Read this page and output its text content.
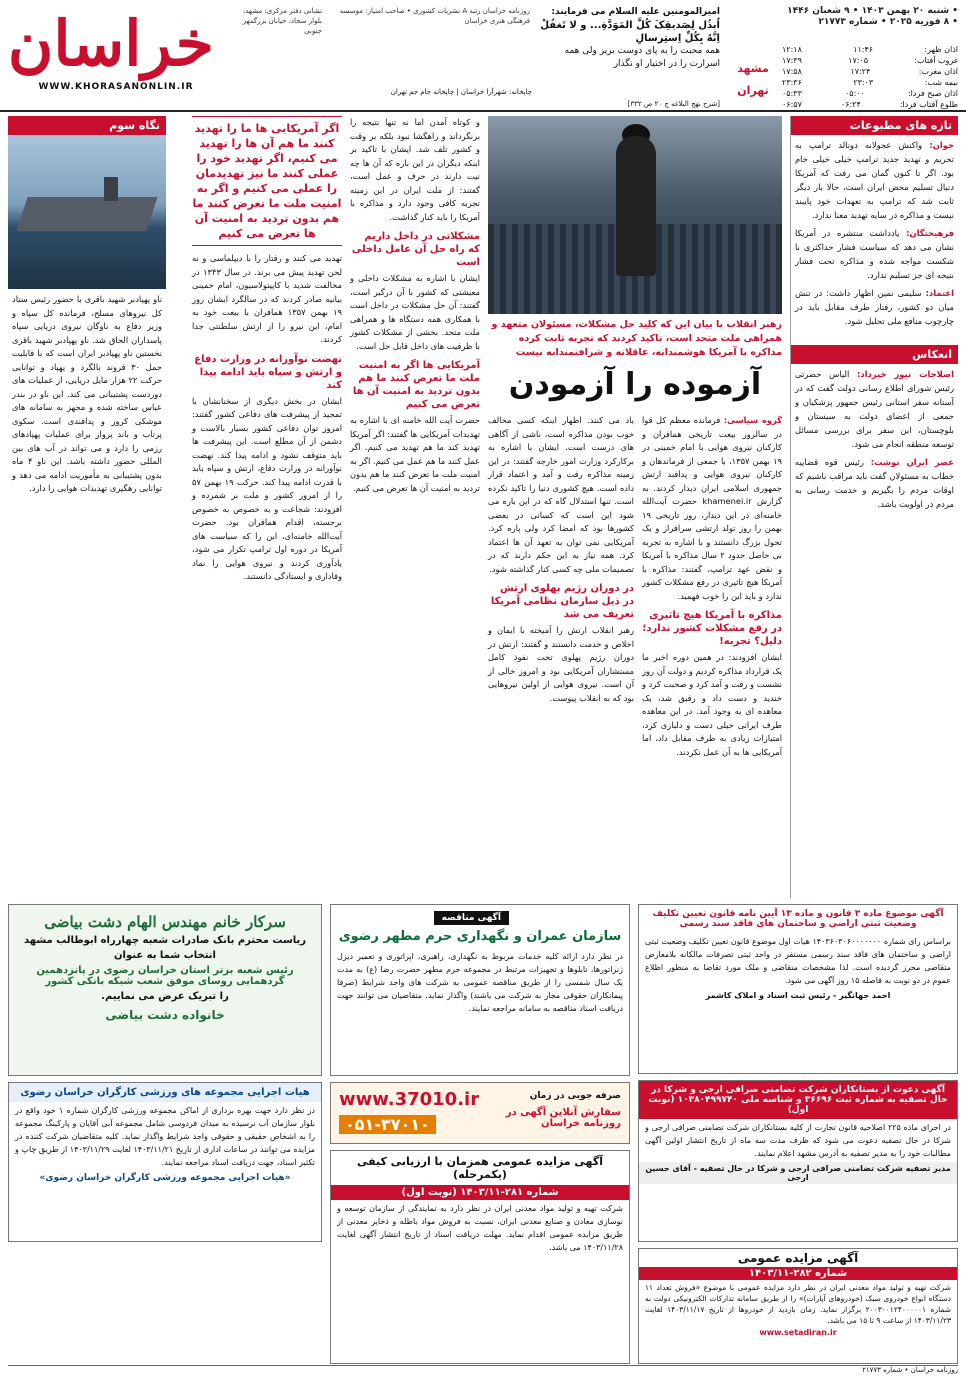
خراسان
WWW.KHORASANONLIN.IR
نشانی دفتر مرکزی: مشهد، بلوار سجاد، خیابان بزرگمهر جنوبی
روزنامه خراسان رتبه A نشریات کشوری • صاحب امتیاز: موسسه فرهنگی هنری خراسان
[شرح نهج البلاغه ج ۲۰ ص ۳۳۲]
چاپخانه: شهرآرا خراسان | چاپخانه جام جم تهران
امیرالمومنین علیه السلام می فرمایند:
اُبذُل لِصَدیقِکَ کُلَّ المَوَدَّةِ... و لا تَغفُلْ اِنَّهُ بِکُلِّ اِستِرسالِ
همه محبت را به پای دوست بریز ولی همه اسرارت را در اختیار او نگذار
• شنبه ۲۰ بهمن ۱۴۰۳ • ۹ شعبان ۱۴۴۶
• ۸ فوریه ۲۰۲۵ • شماره ۲۱۷۷۳
اذان ظهر:
۱۱:۴۶
۱۲:۱۸
غروب آفتاب:
۱۷:۰۵
۱۷:۳۹
اذان مغرب:
۱۷:۲۴
۱۷:۵۸
نیمه شب:
۲۳:۰۳
۲۳:۳۶
اذان صبح فردا:
۰۵:۰۰
۰۵:۳۳
طلوع آفتاب فردا:
۰۶:۲۴
۰۶:۵۷
مشهد
تهران
تازه های مطبوعات

جوان: واکنش عجولانه دونالد ترامپ به تحریم و تهدید جدید ترامپ خیلی خیلی خام بود. اگر تا کنون گمان می رفت که آمریکا دنبال تسلیم محض ایران است، حالا بار دیگر ثابت شد که ترامپ به تعهدات خود پایبند نیست و مذاکره در سایه تهدید معنا ندارد.

فرهیختگان: یادداشت منتشره در آمریکا نشان می دهد که سیاست فشار حداکثری با شکست مواجه شده و مذاکره تحت فشار نتیجه ای جز تسلیم ندارد.

اعتماد: سلیمی نمین اظهار داشت: در تنش میان دو کشور، رفتار طرف مقابل باید در چارچوب منافع ملی تحلیل شود.

انعکاس

اصلاحات نیوز خبرداد: الیاس حضرتی رئیس شورای اطلاع رسانی دولت گفت که در آستانه سفر استانی رئیس جمهور پزشکیان و جمعی از اعضای دولت به سیستان و بلوچستان، این سفر برای بررسی مسائل توسعه منطقه انجام می شود.

عصر ایران نوشت: رئیس قوه قضاییه خطاب به مسئولان گفت باید مراقب باشیم که اوقات مردم را بگیریم و خدمت رسانی به مردم در اولویت باشد.

رهبر انقلاب با بیان این که کلید حل مشکلات، مسئولان متعهد و همراهی ملت متحد است، تاکید کردند که تجربه ثابت کرده مذاکره با آمریکا هوشمندانه، عاقلانه و شرافتمندانه نیست
آزموده را آزمودن
گروه سیاسی: فرمانده معظم کل قوا در سالروز بیعت تاریخی همافران و کارکنان نیروی هوایی با امام خمینی در ۱۹ بهمن ۱۳۵۷، با جمعی از فرماندهان و کارکنان نیروی هوایی و پدافند ارتش جمهوری اسلامی ایران دیدار کردند. به گزارش khamenei.ir حضرت آیت‌الله خامنه‌ای در این دیدار، روز تاریخی ۱۹ بهمن را روز تولد ارتشی سرافراز و یک تحول بزرگ دانستند و با اشاره به تجربه بی حاصل حدود ۲ سال مذاکره با آمریکا و نقض عهد ترامپ، گفتند: مذاکره با آمریکا هیچ تاثیری در رفع مشکلات کشور ندارد و باید این را خوب فهمید.
مذاکره با آمریکا هیچ تاثیری در رفع مشکلات کشور ندارد؛ دلیل؟ تجربه!
ایشان افزودند: در همین دوره اخیر ما یک قرارداد مذاکره کردیم و دولت آن روز نشست و رفت و آمد کرد و صحبت کرد و خندید و دست داد و رفیق شد، یک معاهده ای به وجود آمد. در این معاهده طرف ایرانی خیلی دست و دلبازی کرد، امتیازات زیادی به طرف مقابل داد، اما آمریکایی ها به آن عمل نکردند.
یاد می کنند. اظهار اینکه کسی مخالف خوب بودن مذاکره است، ناشی از آگاهی های درست است. ایشان با اشاره به برکارکرد وزارت امور خارجه گفتند: در این زمینه مذاکره رفت و آمد و اعتماد قرار داده است. هیچ کشوری دنیا را تاکید نکرده است. تنها استدلال گاه که در این باره می شود این است که کسانی در بعضی کشورها بود که امضا کرد ولی پاره کرد. آمریکایی نمی توان به تعهد آن ها اعتماد کرد. همه نیاز به این حکم دارند که در تصمیمات ملی چه کسی کنار گذاشته شود.
در دوران رژیم پهلوی ارتش در ذیل سازمان نظامی آمریکا تعریف می شد
رهبر انقلاب ارتش را آمیخته با ایمان و اخلاص و خدمت دانستند و گفتند: ارتش در دوران رژیم پهلوی تحت نفوذ کامل مستشاران آمریکایی بود و امروز خالی از آن است. نیروی هوایی از اولین نیروهایی بود که به انقلاب پیوست.
و کوتاه آمدن اما نه تنها نتیجه را برنگرداند و راهگشا نبود بلکه بر وقت و کشور تلف شد. ایشان با تاکید بر اینکه دیگران در این باره که آن ها چه نیت دارند در حرف و عمل است، گفتند: از ملت ایران در این زمینه تجربه کافی وجود دارد و مذاکره با آمریکا را باید کنار گذاشت.
مشکلاتی در داخل داریم که راه حل آن عامل داخلی است
ایشان با اشاره به مشکلات داخلی و معیشتی که کشور با آن درگیر است، گفتند: آن حل مشکلات در داخل است با همکاری همه دستگاه ها و همراهی ملت متحد. بخشی از مشکلات کشور با ظرفیت های داخل قابل حل است.
آمریکایی ها اگر به امنیت ملت ما تعرض کنند ما هم بدون تردید به امنیت آن ها تعرض می کنیم
حضرت آیت الله خامنه ای با اشاره به تهدیدات آمریکایی ها گفتند: اگر آمریکا تهدید کند ما هم تهدید می کنیم. اگر عمل کنند ما هم عمل می کنیم. اگر به امنیت ملت ما تعرض کنند ما هم بدون تردید به امنیت آن ها تعرض می کنیم.
اگر آمریکایی ها ما را تهدید کنند ما هم آن ها را تهدید می کنیم، اگر تهدید خود را عملی کنند ما نیز تهدیدمان را عملی می کنیم و اگر به امنیت ملت ما تعرض کنند ما هم بدون تردید به امنیت آن ها تعرض می کنیم
تهدید می کنند و رفتار را با دیپلماسی و نه لحن تهدید پیش می برند. در سال ۱۳۴۳ در مخالفت شدید با کاپیتولاسیون، امام خمینی بیانیه صادر کردند که در سالگرد ایشان روز ۱۹ بهمن ۱۳۵۷ همافران با بیعت خود به امام، این نیرو را از ارتش سلطنتی جدا کردند.
نهضت نوآورانه در وزارت دفاع و ارتش و سپاه باید ادامه پیدا کند
ایشان در بخش دیگری از سخنانشان با تمجید از پیشرفت های دفاعی کشور گفتند: امروز توان دفاعی کشور بسیار بالاست و دشمن از آن مطلع است. این پیشرفت ها باید متوقف نشود و ادامه پیدا کند. نهضت نوآورانه در وزارت دفاع، ارتش و سپاه باید با قدرت ادامه پیدا کند. حرکت ۱۹ بهمن ۵۷ را از امروز کشور و ملت بر شمرده و افزودند: شجاعت و به خصوص به خصوص برجسته، اقدام همافران بود. حضرت آیت‌الله خامنه‌ای، این را که سیاست های آمریکا در دوره اول ترامپ تکرار می شود، یادآوری کردند و نیروی هوایی را نماد وفاداری و ایستادگی دانستند.
نگاه سوم
ناو پهپادبر شهید باقری با حضور رئیس ستاد کل نیروهای مسلح، فرمانده کل سپاه و وزیر دفاع به ناوگان نیروی دریایی سپاه پاسداران الحاق شد. ناو پهپادبر شهید باقری نخستین ناو پهپادبر ایران است که با قابلیت حمل ۳۰ فروند بالگرد و پهپاد و توانایی حرکت ۲۲ هزار مایل دریایی، از عملیات های دوردست پشتیبانی می کند. این ناو در بندر عباس ساخته شده و مجهز به سامانه های موشکی کروز و پدافندی است. سکوی پرتاب و باند پرواز برای عملیات پهپادهای رزمی را دارد و می تواند در آب های بین المللی حضور داشته باشد. این ناو ۴ ماه بدون پشتیبانی به مأموریت ادامه می دهد و توانایی رهگیری تهدیدات هوایی را دارد.
آگهی موضوع ماده ۳ قانون و ماده ۱۳ آیین نامه قانون تعیین تکلیف وضعیت ثبتی اراضی و ساختمان های فاقد سند رسمی
براساس رای شماره ۱۴۰۳۶۰۳۰۶۰۰۰۰۰۰۰ هیات اول موضوع قانون تعیین تکلیف وضعیت ثبتی اراضی و ساختمان های فاقد سند رسمی مستقر در واحد ثبتی تصرفات مالکانه بلامعارض متقاضی محرز گردیده است. لذا مشخصات متقاضی و ملک مورد تقاضا به منظور اطلاع عموم در دو نوبت به فاصله ۱۵ روز آگهی می شود.
احمد جهانگیر - رئیس ثبت اسناد و املاک کاشمر
آگهی دعوت از بستانکاران شرکت تضامنی صرافی ارجی و شرکا در حال تصفیه به شماره ثبت ۳۶۶۹۶ و شناسه ملی ۱۰۳۸۰۴۹۹۷۴۰ (نوبت اول)
در اجرای ماده ۲۲۵ اصلاحیه قانون تجارت از کلیه بستانکاران شرکت تضامنی صرافی ارجی و شرکا در حال تصفیه دعوت می شود که ظرف مدت سه ماه از تاریخ انتشار اولین آگهی مطالبات خود را به مدیر تصفیه به آدرس مشهد اعلام نمایند.
مدیر تصفیه شرکت تضامنی صرافی ارجی و شرکا در حال تصفیه - آقای حسین ارجی
آگهی مناقصه
سازمان عمران و نگهداری حرم مطهر رضوی
در نظر دارد ارائه کلیه خدمات مربوط به نگهداری، راهبری، اپراتوری و تعمیر دیزل ژنراتورها، تابلوها و تجهیزات مرتبط در مجموعه حرم مطهر حضرت رضا (ع) به مدت یک سال شمسی را از طریق مناقصه عمومی به شرکت های واجد شرایط (صرفا پیمانکاران حقوقی مجاز به شرکت می باشند) واگذار نماید. متقاضیان می توانند جهت دریافت اسناد مناقصه به سامانه مراجعه نمایند.
سرکار خانم مهندس الهام دشت بیاضی
ریاست محترم بانک صادرات شعبه چهارراه ابوطالب مشهد
انتخاب شما به عنوان
رئیس شعبه برتر استان خراسان رضوی در پانزدهمین گردهمایی روسای موفق شعب شبکه بانکی کشور
را تبریک عرض می نماییم.
خانواده دشت بیاضی
www.37010.ir
۰۵۱-۳۷۰۱۰
صرفه جویی در زمان
سفارش آنلاین آگهی در روزنامه خراسان
هیات اجرایی مجموعه های ورزشی کارگران خراسان رضوی
در نظر دارد جهت بهره برداری از اماکن مجموعه ورزشی کارگران شماره ۱ خود واقع در بلوار سازمان آب نرسیده به میدان فردوسی شامل مجموعه آبی آقایان و پارکینگ مجموعه را به اشخاص حقیقی و حقوقی واجد شرایط واگذار نماید. کلیه متقاضیان شرکت کننده در مزایده می توانند در ساعات اداری از تاریخ ۱۴۰۳/۱۱/۲۱ لغایت ۱۴۰۳/۱۱/۲۹ از طریق چاپ و تکثیر اسناد، جهت دریافت اسناد مراجعه نمایند.
«هیات اجرایی مجموعه ورزشی کارگران خراسان رضوی»
آگهی مزایده عمومی همزمان با ارزیابی کیفی (یکمرحله)
شماره ۲۸۱-۱۴۰۳/۱۱ (نوبت اول)
شرکت تهیه و تولید مواد معدنی ایران در نظر دارد به نمایندگی از سازمان توسعه و نوسازی معادن و صنایع معدنی ایران، نسبت به فروش مواد باطله و ذخایر معدنی از طریق مزایده عمومی اقدام نماید. مهلت دریافت اسناد از تاریخ انتشار آگهی لغایت ۱۴۰۳/۱۱/۲۸ می باشد.
آگهی مزایده عمومی
شماره ۲۸۲-۱۴۰۳/۱۱
شرکت تهیه و تولید مواد معدنی ایران در نظر دارد مزایده عمومی با موضوع «فروش تعداد ۱۱ دستگاه انواع خودروی سبک (خودروهای آپارات)» را از طریق سامانه تدارکات الکترونیکی دولت به شماره ۲۰۰۳۰۰۱۲۴۰۰۰۰۰۱ برگزار نماید. زمان بازدید از خودروها از تاریخ ۱۴۰۳/۱۱/۱۷ لغایت ۱۴۰۳/۱۱/۲۳ از ساعت ۹ تا ۱۵ می باشد.
www.setadiran.ir
روزنامه خراسان • شماره ۲۱۷۷۳
